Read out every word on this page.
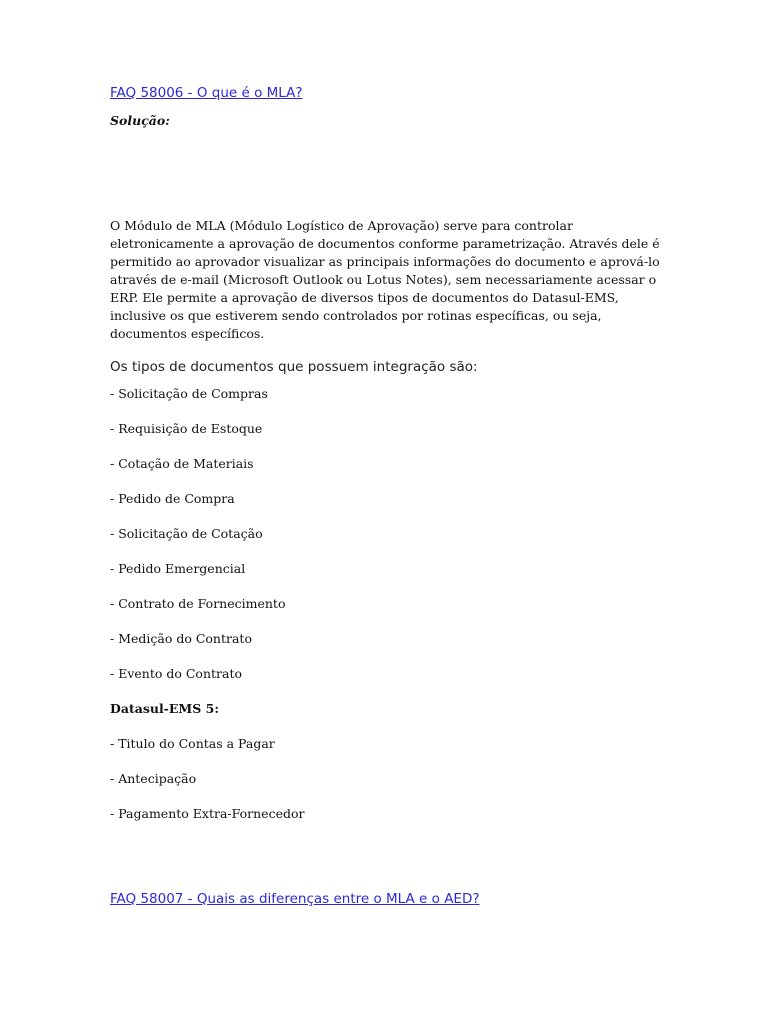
FAQ 58006 - O que é o MLA?
Solução:
O Módulo de MLA (Módulo Logístico de Aprovação) serve para controlar
eletronicamente a aprovação de documentos conforme parametrização. Através dele é
permitido ao aprovador visualizar as principais informações do documento e aprová-lo
através de e-mail (Microsoft Outlook ou Lotus Notes), sem necessariamente acessar o
ERP. Ele permite a aprovação de diversos tipos de documentos do Datasul-EMS,
inclusive os que estiverem sendo controlados por rotinas específicas, ou seja,
documentos específicos.
Os tipos de documentos que possuem integração são:
- Solicitação de Compras
- Requisição de Estoque
- Cotação de Materiais
- Pedido de Compra
- Solicitação de Cotação
- Pedido Emergencial
- Contrato de Fornecimento
- Medição do Contrato
- Evento do Contrato
Datasul-EMS 5:
- Titulo do Contas a Pagar
- Antecipação
- Pagamento Extra-Fornecedor
FAQ 58007 - Quais as diferenças entre o MLA e o AED?
